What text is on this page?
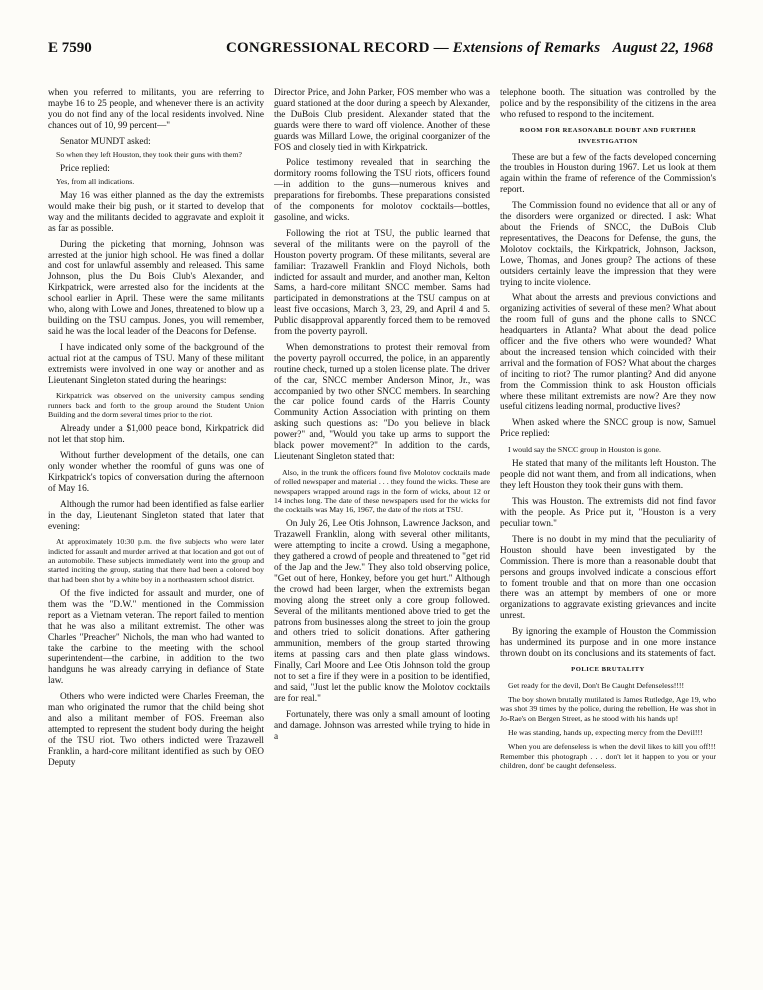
E 7590	CONGRESSIONAL RECORD — Extensions of Remarks August 22, 1968

when you referred to militants, you are referring to maybe 16 to 25 people, and whenever there is an activity you do not find any of the local residents involved. Nine chances out of 10, 99 percent—"

Senator MUNDT asked:

So when they left Houston, they took their guns with them?

Price replied:

Yes, from all indications.

May 16 was either planned as the day the extremists would make their big push, or it started to develop that way and the militants decided to aggravate and exploit it as far as possible.

During the picketing that morning, Johnson was arrested at the junior high school. He was fined a dollar and cost for unlawful assembly and released. This same Johnson, plus the Du Bois Club's Alexander, and Kirkpatrick, were arrested also for the incidents at the school earlier in April. These were the same militants who, along with Lowe and Jones, threatened to blow up a building on the TSU campus. Jones, you will remember, said he was the local leader of the Deacons for Defense.

I have indicated only some of the background of the actual riot at the campus of TSU. Many of these militant extremists were involved in one way or another and as Lieutenant Singleton stated during the hearings:

Kirkpatrick was observed on the university campus sending runners back and forth to the group around the Student Union Building and the dorm several times prior to the riot.

Already under a $1,000 peace bond, Kirkpatrick did not let that stop him.

Without further development of the details, one can only wonder whether the roomful of guns was one of Kirkpatrick's topics of conversation during the afternoon of May 16.

Although the rumor had been identified as false earlier in the day, Lieutenant Singleton stated that later that evening:

At approximately 10:30 p.m. the five subjects who were later indicted for assault and murder arrived at that location and got out of an automobile. These subjects immediately went into the group and started inciting the group, stating that there had been a colored boy that had been shot by a white boy in a northeastern school district.

Of the five indicted for assault and murder, one of them was the "D.W." mentioned in the Commission report as a Vietnam veteran. The report failed to mention that he was also a militant extremist. The other was Charles "Preacher" Nichols, the man who had wanted to take the carbine to the meeting with the school superintendent—the carbine, in addition to the two handguns he was already carrying in defiance of State law.

Others who were indicted were Charles Freeman, the man who originated the rumor that the child being shot and also a militant member of FOS. Freeman also attempted to represent the student body during the height of the TSU riot. Two others indicted were Trazawell Franklin, a hard-core militant identified as such by OEO Deputy

Director Price, and John Parker, FOS member who was a guard stationed at the door during a speech by Alexander, the DuBois Club president. Alexander stated that the guards were there to ward off violence. Another of these guards was Millard Lowe, the original coorganizer of the FOS and closely tied in with Kirkpatrick.

Police testimony revealed that in searching the dormitory rooms following the TSU riots, officers found—in addition to the guns—numerous knives and preparations for firebombs. These preparations consisted of the components for molotov cocktails—bottles, gasoline, and wicks.

Following the riot at TSU, the public learned that several of the militants were on the payroll of the Houston poverty program. Of these militants, several are familiar: Trazawell Franklin and Floyd Nichols, both indicted for assault and murder, and another man, Kelton Sams, a hard-core militant SNCC member. Sams had participated in demonstrations at the TSU campus on at least five occasions, March 3, 23, 29, and April 4 and 5. Public disapproval apparently forced them to be removed from the poverty payroll.

When demonstrations to protest their removal from the poverty payroll occurred, the police, in an apparently routine check, turned up a stolen license plate. The driver of the car, SNCC member Anderson Minor, Jr., was accompanied by two other SNCC members. In searching the car police found cards of the Harris County Community Action Association with printing on them asking such questions as: "Do you believe in black power?" and, "Would you take up arms to support the black power movement?" In addition to the cards, Lieutenant Singleton stated that:

Also, in the trunk the officers found five Molotov cocktails made of rolled newspaper and material . . . they found the wicks. These are newspapers wrapped around rags in the form of wicks, about 12 or 14 inches long. The date of these newspapers used for the wicks for the cocktails was May 16, 1967, the date of the riots at TSU.

On July 26, Lee Otis Johnson, Lawrence Jackson, and Trazawell Franklin, along with several other militants, were attempting to incite a crowd. Using a megaphone, they gathered a crowd of people and threatened to "get rid of the Jap and the Jew." They also told observing police, "Get out of here, Honkey, before you get hurt." Although the crowd had been larger, when the extremists began moving along the street only a core group followed. Several of the militants mentioned above tried to get the patrons from businesses along the street to join the group and others tried to solicit donations. After gathering ammunition, members of the group started throwing items at passing cars and then plate glass windows. Finally, Carl Moore and Lee Otis Johnson told the group not to set a fire if they were in a position to be identified, and said, "Just let the public know the Molotov cocktails are for real."

Fortunately, there was only a small amount of looting and damage. Johnson was arrested while trying to hide in a

telephone booth. The situation was controlled by the police and by the responsibility of the citizens in the area who refused to respond to the incitement.

ROOM FOR REASONABLE DOUBT AND FURTHER INVESTIGATION

These are but a few of the facts developed concerning the troubles in Houston during 1967. Let us look at them again within the frame of reference of the Commission's report.

The Commission found no evidence that all or any of the disorders were organized or directed. I ask: What about the Friends of SNCC, the DuBois Club representatives, the Deacons for Defense, the guns, the Molotov cocktails, the Kirkpatrick, Johnson, Jackson, Lowe, Thomas, and Jones group? The actions of these outsiders certainly leave the impression that they were trying to incite violence.

What about the arrests and previous convictions and organizing activities of several of these men? What about the room full of guns and the phone calls to SNCC headquarters in Atlanta? What about the dead police officer and the five others who were wounded? What about the increased tension which coincided with their arrival and the formation of FOS? What about the charges of inciting to riot? The rumor planting? And did anyone from the Commission think to ask Houston officials where these militant extremists are now? Are they now useful citizens leading normal, productive lives?

When asked where the SNCC group is now, Samuel Price replied:

I would say the SNCC group in Houston is gone.

He stated that many of the militants left Houston. The people did not want them, and from all indications, when they left Houston they took their guns with them.

This was Houston. The extremists did not find favor with the people. As Price put it, "Houston is a very peculiar town."

There is no doubt in my mind that the peculiarity of Houston should have been investigated by the Commission. There is more than a reasonable doubt that persons and groups involved indicate a conscious effort to foment trouble and that on more than one occasion there was an attempt by members of one or more organizations to aggravate existing grievances and incite unrest.

By ignoring the example of Houston the Commission has undermined its purpose and in one more instance thrown doubt on its conclusions and its statements of fact.

POLICE BRUTALITY

Get ready for the devil, Don't Be Caught Defenseless!!!!

The boy shown brutally mutilated is James Rutledge, Age 19, who was shot 39 times by the police, during the rebellion, He was shot in Jo-Rae's on Bergen Street, as he stood with his hands up!

He was standing, hands up, expecting mercy from the Devil!!!

When you are defenseless is when the devil likes to kill you off!!! Remember this photograph . . . don't let it happen to you or your children, dont' be caught defenseless.
